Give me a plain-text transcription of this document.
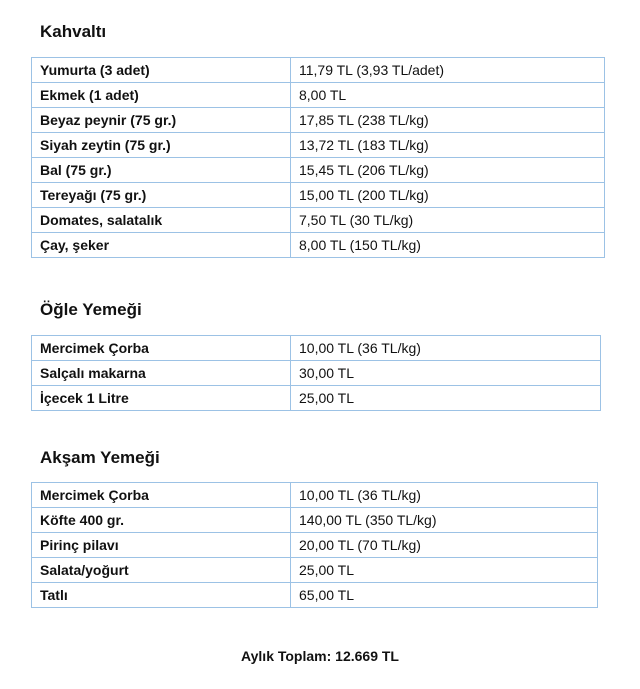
Kahvaltı
Yumurta (3 adet)	11,79 TL (3,93 TL/adet)
Ekmek (1 adet)	8,00 TL
Beyaz peynir (75 gr.)	17,85 TL (238 TL/kg)
Siyah zeytin (75 gr.)	13,72 TL (183 TL/kg)
Bal (75 gr.)	15,45 TL (206 TL/kg)
Tereyağı (75 gr.)	15,00 TL (200 TL/kg)
Domates, salatalık	7,50 TL (30 TL/kg)
Çay, şeker	8,00 TL (150 TL/kg)
Öğle Yemeği
Mercimek Çorba	10,00 TL (36 TL/kg)
Salçalı makarna	30,00 TL
İçecek 1 Litre	25,00 TL
Akşam Yemeği
Mercimek Çorba	10,00 TL (36 TL/kg)
Köfte 400 gr.	140,00 TL (350 TL/kg)
Pirinç pilavı	20,00 TL (70 TL/kg)
Salata/yoğurt	25,00 TL
Tatlı	65,00 TL

Aylık Toplam: 12.669 TL
